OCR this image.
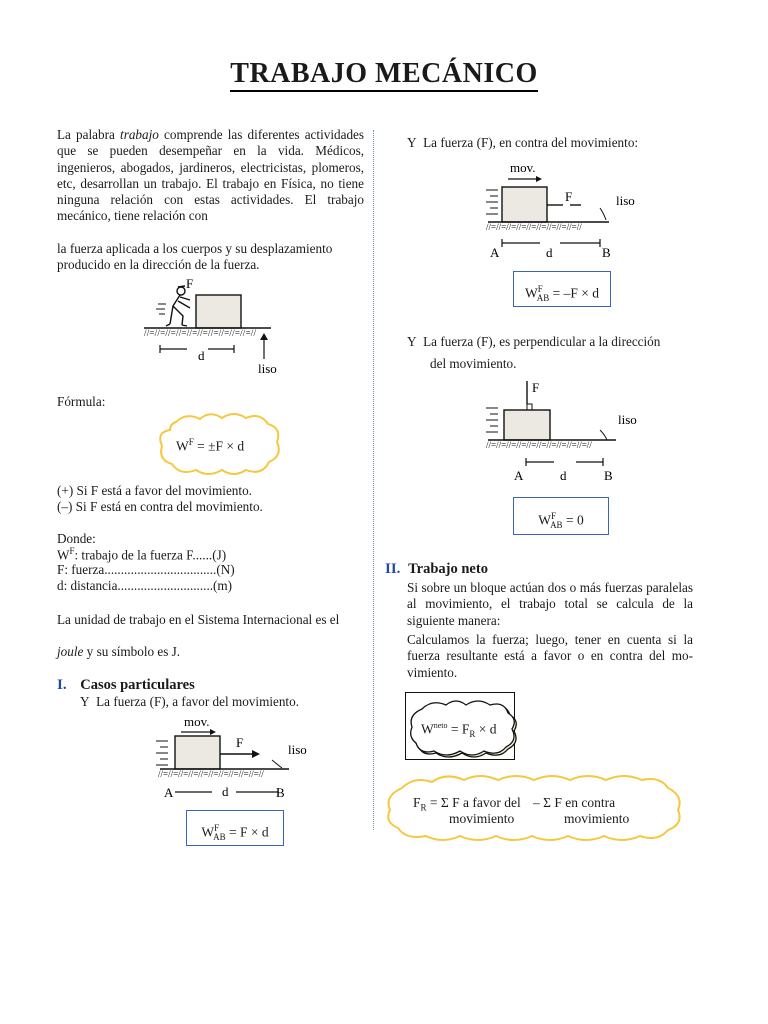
TRABAJO MECÁNICO
La palabra trabajo comprende las diferentes actividades que se pueden desempeñar en la vida. Médicos, ingenieros, abogados, jardineros, electricistas, plomeros, etc, desarrollan un trabajo. El trabajo en Física, no tiene ninguna relación con estas actividades. El trabajo mecánico, tiene relación con
la fuerza aplicada a los cuerpos y su desplazamiento producido en la dirección de la fuerza.
F
//=//=//=//=//=//=//=//=//=//=//
d
liso
Fórmula:
$W^F = \pm F \times d$
(+) Si F está a favor del movimiento.
(–) Si F está en contra del movimiento.
Donde:
$W^F$: trabajo de la fuerza F......(J)
F: fuerza..................................(N)
d: distancia.............................(m)
La unidad de trabajo en el Sistema Internacional es el
joule y su símbolo es J.
I. Casos particulares
Y La fuerza (F), a favor del movimiento.
mov.
F	liso
//=//=//=//=//=//=//=//=//=//=//
A	d	B
$W^F_{AB} = F \times d$
Y La fuerza (F), en contra del movimiento:
mov.
F	liso
//=//=//=//=//=//=//=//=//=//
A	d	B
$W^F_{AB} = -F \times d$
Y La fuerza (F), es perpendicular a la dirección
del movimiento.
F
liso
//=//=//=//=//=//=//=//=//=//=//
A	d	B
$W^F_{AB} = 0$
II. Trabajo neto
Si sobre un bloque actúan dos o más fuerzas paralelas al movimiento, el trabajo total se calcula de la siguiente manera:
Calculamos la fuerza; luego, tener en cuenta si la fuerza resultante está a favor o en contra del mo- vimiento.
$W^{neto} = F_R \times d$
$F_R = \Sigma$ F a favor del – Σ F en contra
movimiento	movimiento
